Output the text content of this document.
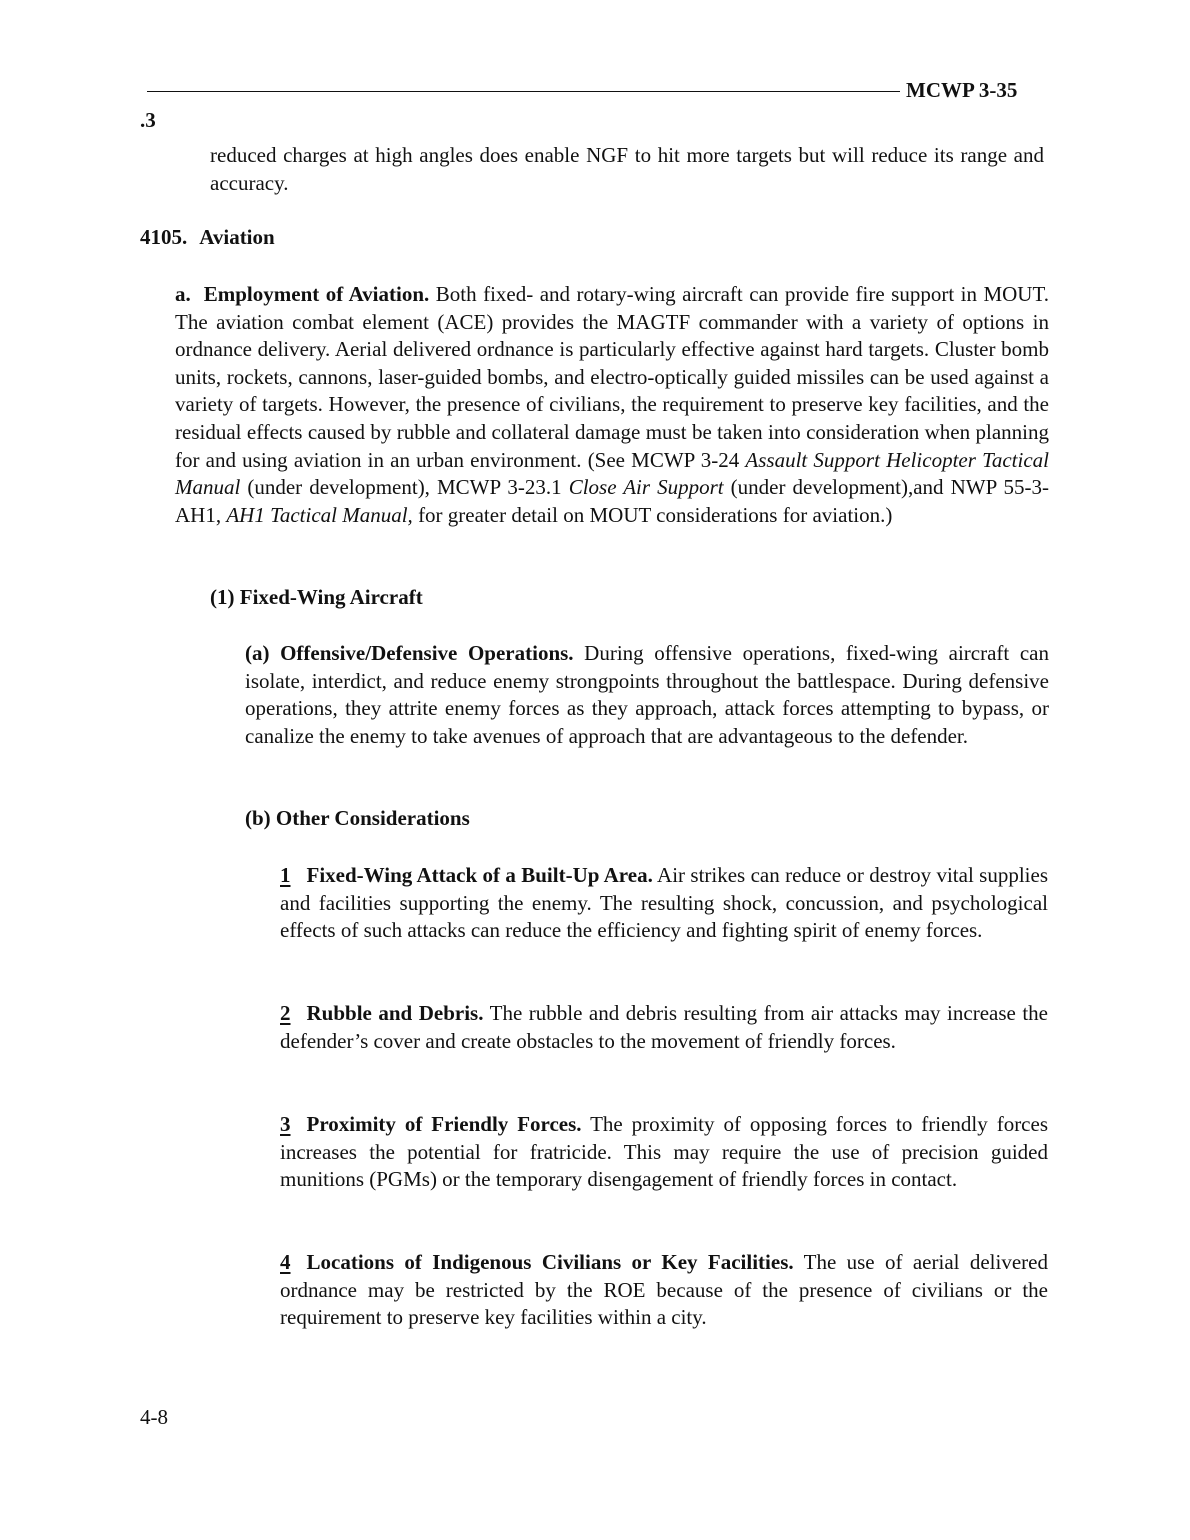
MCWP 3-35
.3

reduced charges at high angles does enable NGF to hit more targets but will reduce its range and accuracy.

4105. Aviation

a. Employment of Aviation. Both fixed- and rotary-wing aircraft can provide fire support in MOUT. The aviation combat element (ACE) provides the MAGTF commander with a variety of options in ordnance delivery. Aerial delivered ordnance is particularly effective against hard targets. Cluster bomb units, rockets, cannons, laser-guided bombs, and electro-optically guided missiles can be used against a variety of targets. However, the presence of civilians, the requirement to preserve key facilities, and the residual effects caused by rubble and collateral damage must be taken into consideration when planning for and using aviation in an urban environment. (See MCWP 3-24 Assault Support Helicopter Tactical Manual (under development), MCWP 3-23.1 Close Air Support (under development),and NWP 55-3-AH1, AH1 Tactical Manual, for greater detail on MOUT considerations for aviation.)

(1) Fixed-Wing Aircraft

(a) Offensive/Defensive Operations. During offensive operations, fixed-wing aircraft can isolate, interdict, and reduce enemy strongpoints throughout the battlespace. During defensive operations, they attrite enemy forces as they approach, attack forces attempting to bypass, or canalize the enemy to take avenues of approach that are advantageous to the defender.

(b) Other Considerations

1 Fixed-Wing Attack of a Built-Up Area. Air strikes can reduce or destroy vital supplies and facilities supporting the enemy. The resulting shock, concussion, and psychological effects of such attacks can reduce the efficiency and fighting spirit of enemy forces.

2 Rubble and Debris. The rubble and debris resulting from air attacks may increase the defender’s cover and create obstacles to the movement of friendly forces.

3 Proximity of Friendly Forces. The proximity of opposing forces to friendly forces increases the potential for fratricide. This may require the use of precision guided munitions (PGMs) or the temporary disengagement of friendly forces in contact.

4 Locations of Indigenous Civilians or Key Facilities. The use of aerial delivered ordnance may be restricted by the ROE because of the presence of civilians or the requirement to preserve key facilities within a city.

4-8
